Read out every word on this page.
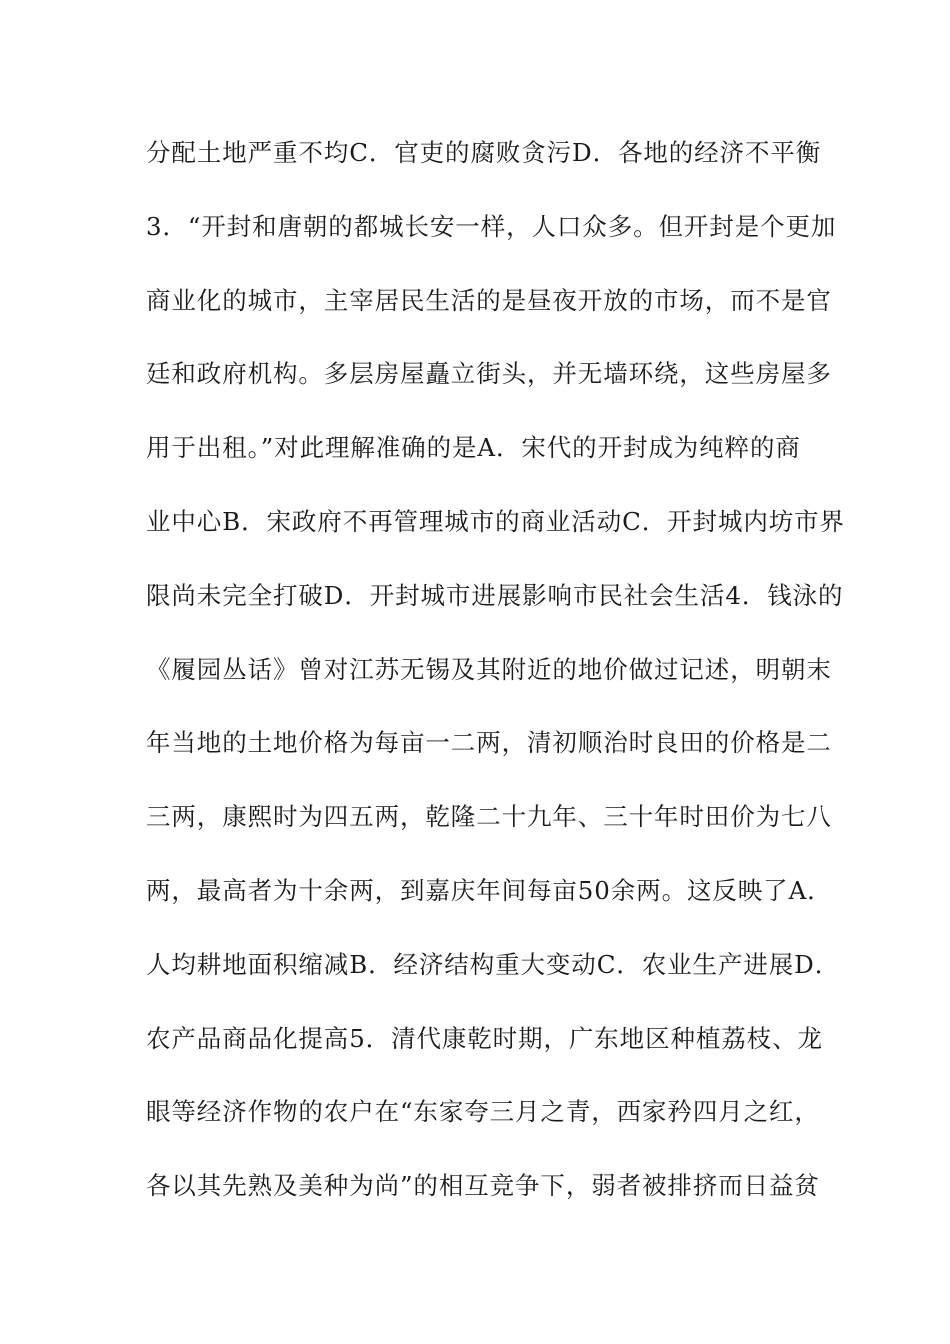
分配土地严重不均C．官吏的腐败贪污D．各地的经济不平衡
3．“开封和唐朝的都城长安一样，人口众多。但开封是个更加
商业化的城市，主宰居民生活的是昼夜开放的市场，而不是官
廷和政府机构。多层房屋矗立街头，并无墙环绕，这些房屋多
用于出租。”对此理解准确的是A．宋代的开封成为纯粹的商
业中心B．宋政府不再管理城市的商业活动C．开封城内坊市界
限尚未完全打破D．开封城市进展影响市民社会生活4．钱泳的
《履园丛话》曾对江苏无锡及其附近的地价做过记述，明朝末
年当地的土地价格为每亩一二两，清初顺治时良田的价格是二
三两，康熙时为四五两，乾隆二十九年、三十年时田价为七八
两，最高者为十余两，到嘉庆年间每亩50余两。这反映了A．
人均耕地面积缩减B．经济结构重大变动C．农业生产进展D．
农产品商品化提高5．清代康乾时期，广东地区种植荔枝、龙
眼等经济作物的农户在“东家夸三月之青，西家矜四月之红，
各以其先熟及美种为尚”的相互竞争下，弱者被排挤而日益贫
